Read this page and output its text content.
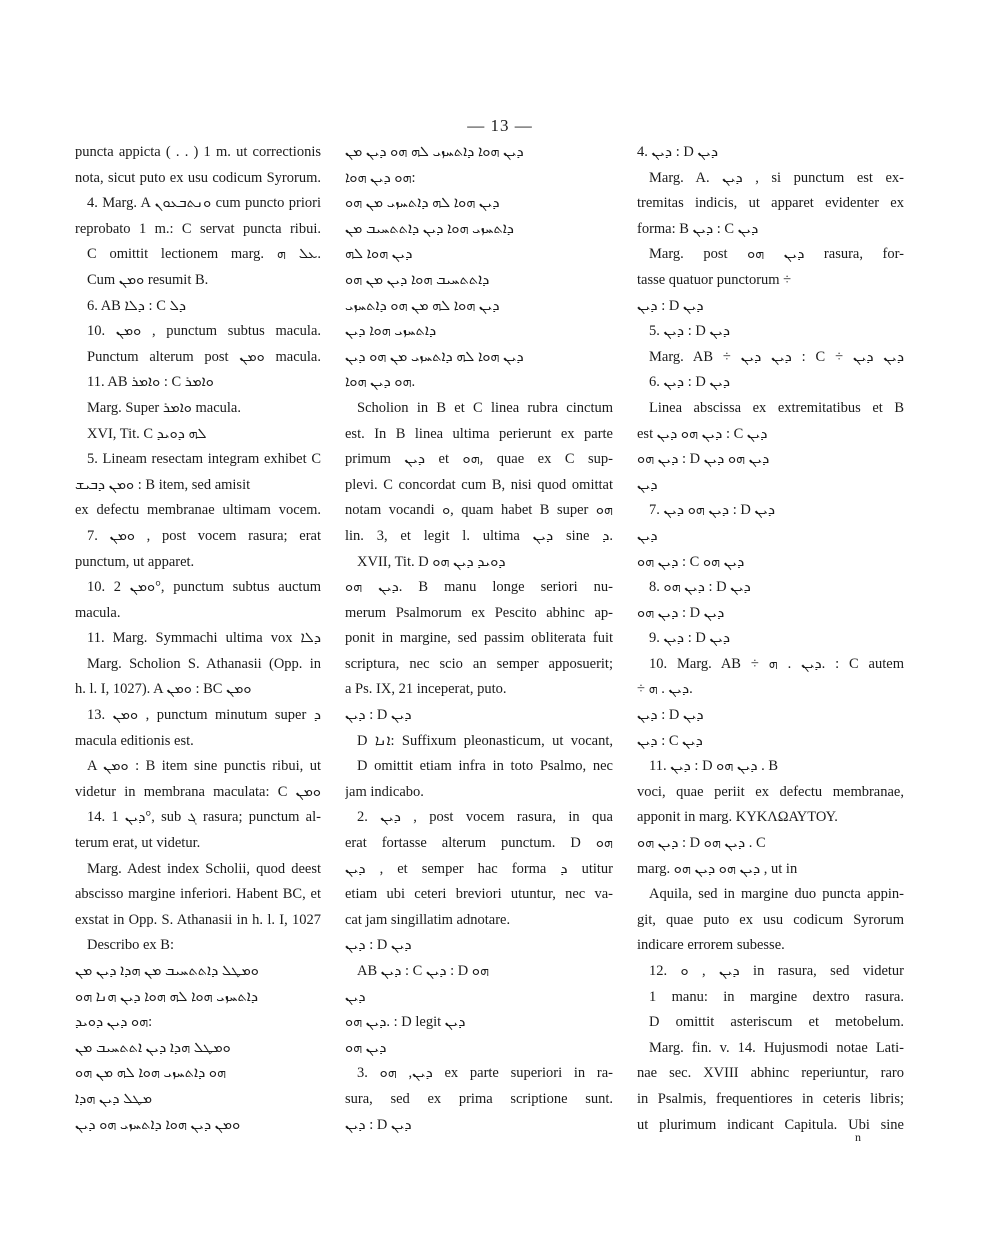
— 13 —
puncta appicta ( . . ) 1 m. ut correctionis
nota, sicut puto ex usu codicum Syrorum.
4. Marg. A ܘܢܬܒܥܘܢ cum puncto priori
reprobato 1 m.: C servat puncta ribui.
C omittit lectionem marg. ܥܠ ܗ.
Cum ܘܡܢ resumit B.
6. AB ܕܠܐ : C ܕܠ
10. ܘܡܢ , punctum subtus macula.
Punctum alterum post ܘܡܢ macula.
11. AB ܘܐܡܪ : C ܘܐܡܪ
Marg. Super ܘܐܡܪ macula.
XVI, Tit. C ܠܗ ܕܘܝܕ
5. Lineam resectam integram exhibet C
ܘܡܢ ܕܒܝܫ : B item, sed amisit
ex defectu membranae ultimam vocem.
7. ܘܡܢ , post vocem rasura; erat
punctum, ut apparet.
10. ܘܡܢ 2°, punctum subtus auctum
macula.
11. Marg. Symmachi ultima vox ܕܠܐ
Marg. Scholion S. Athanasii (Opp. in
h. l. I, 1027). A ܘܡܢ : BC ܘܡܢ
13. ܘܡܢ , punctum minutum super ܕ
macula editionis est.
A ܘܡܢ : B item sine punctis ribui, ut
videtur in membrana maculata: C ܘܡܢ
14. ܕܝܢ 1°, sub ܓ rasura; punctum al-
terum erat, ut videtur.
Marg. Adest index Scholii, quod deest
abscisso margine inferiori. Habent BC, et
exstat in Opp. S. Athanasii in h. l. I, 1027
Describo ex B:
ܘܡܛܠ ܕܐܬܬܚܝܒ ܡܢ ܗܕܐ ܕܝܢ ܡܢ
ܕܐܬܚܙܝ ܗܘܐ ܠܗ ܗܘܐ ܕܝܢ ܗܢܐ ܗܘ
ܗܘ ܕܝܢ ܕܘܝܕ:
ܘܡܛܠ ܗܕܐ ܕܝܢ ܐܬܬܚܝܒ ܡܢ
ܗܘ ܕܐܬܚܙܝ ܗܘܐ ܠܗ ܡܢ ܗܘ
ܡܛܠ ܕܝܢ ܗܕܐ
ܘܡܢ ܕܝܢ ܗܘܐ ܕܐܬܚܙܝ ܗܘ ܕܝܢ
ܕܝܢ ܗܘܐ ܕܐܬܚܙܝ ܠܗ ܗܘ ܕܝܢ ܡܢ
ܗܘ ܕܝܢ ܗܘܐ:
ܕܝܢ ܗܘܐ ܠܗ ܕܐܬܚܙܝ ܡܢ ܗܘ
ܕܐܬܚܙܝ ܗܘܐ ܕܝܢ ܕܐܬܬܚܝܒ ܡܢ
ܕܝܢ ܗܘܐ ܠܗ
ܕܐܬܬܚܝܒ ܗܘܐ ܕܝܢ ܡܢ ܗܘ
ܕܝܢ ܗܘܐ ܠܗ ܡܢ ܗܘ ܕܐܬܚܙܝ
ܕܐܬܚܙܝ ܗܘܐ ܕܝܢ
ܕܝܢ ܗܘܐ ܠܗ ܕܐܬܚܙܝ ܡܢ ܗܘ ܕܝܢ
ܗܘ ܕܝܢ ܗܘܐ.
Scholion in B et C linea rubra cinctum
est. In B linea ultima perierunt ex parte
primum ܕܝܢ et ܗܘ, quae ex C sup-
plevi. C concordat cum B, nisi quod omittat
notam vocandi ܘ, quam habet B super ܗܘ
lin. 3, et legit l. ultima ܕܝܢ sine ܕ.
XVII, Tit. D ܕܘܝܕ ܕܝܢ ܗܘ
ܕܝܢ ܗܘ. B manu longe seriori nu-
merum Psalmorum ex Pescito abhinc ap-
ponit in margine, sed passim obliterata fuit
scriptura, nec scio an semper apposuerit;
a Ps. IX, 21 inceperat, puto.
ܕܝܢ : D ܕܝܢ
D ܐܢܐ: Suffixum pleonasticum, ut vocant,
D omittit etiam infra in toto Psalmo, nec
jam indicabo.
2. ܕܝܢ , post vocem rasura, in qua
erat fortasse alterum punctum. D ܗܘ
ܕܝܢ , et semper hac forma ܕ utitur
etiam ubi ceteri breviori utuntur, nec va-
cat jam singillatim adnotare.
ܕܝܢ : D ܕܝܢ
AB ܕܝܢ : C ܕܝܢ : D ܗܘ
ܕܝܢ
ܕܝܢ ܗܘ. : D legit ܕܝܢ
ܕܝܢ ܗܘ
3. ܕܝܢ, ܗܘ ex parte superiori in ra-
sura, sed ex prima scriptione sunt.
ܕܝܢ : D ܕܝܢ
4. ܕܝܢ : D ܕܝܢ
Marg. A. ܕܝܢ , si punctum est ex-
tremitas indicis, ut apparet evidenter ex
forma: B ܕܝܢ : C ܕܝܢ
Marg. post ܕܝܢ ܗܘ rasura, for-
tasse quatuor punctorum ÷
ܕܝܢ : D ܕܝܢ
5. ܕܝܢ : D ܕܝܢ
Marg. AB ÷ ܕܝܢ ܕܝܢ : C ÷ ܕܝܢ ܕܝܢ
6. ܕܝܢ : D ܕܝܢ
Linea abscissa ex extremitatibus et B
est ܕܝܢ ܗܘ ܕܝܢ : C ܕܝܢ
ܕܝܢ ܗܘ : D ܕܝܢ ܗܘ ܕܝܢ
ܕܝܢ
7. ܕܝܢ ܗܘ ܕܝܢ : D ܕܝܢ
ܕܝܢ
ܕܝܢ ܗܘ : C ܕܝܢ ܗܘ
8. ܕܝܢ ܗܘ : D ܕܝܢ
ܕܝܢ ܗܘ : D ܕܝܢ
9. ܕܝܢ : D ܕܝܢ
10. Marg. AB ÷ ܕܝܢ . ܗ. : C autem
÷ ܕܝܢ . ܗ.
ܕܝܢ : D ܕܝܢ
ܕܝܢ : C ܕܝܢ
11. ܕܝܢ : D ܕܝܢ ܗܘ . B
voci, quae periit ex defectu membranae,
apponit in marg. ΚΥΚΛΩΑΥΤΟΥ.
ܕܝܢ ܗܘ : D ܕܝܢ ܗܘ . C
marg. ܕܝܢ ܗܘ ܕܝܢ ܗܘ , ut in
Aquila, sed in margine duo puncta appin-
git, quae puto ex usu codicum Syrorum
indicare errorem subesse.
12. ܕܝܢ , ܘ in rasura, sed videtur
1 manu: in margine dextro rasura.
D omittit asteriscum et metobelum.
Marg. fin. v. 14. Hujusmodi notae Lati-
nae sec. XVIII abhinc reperiuntur, raro
in Psalmis, frequentiores in ceteris libris;
ut plurimum indicant Capitula. Ubi sine
n
